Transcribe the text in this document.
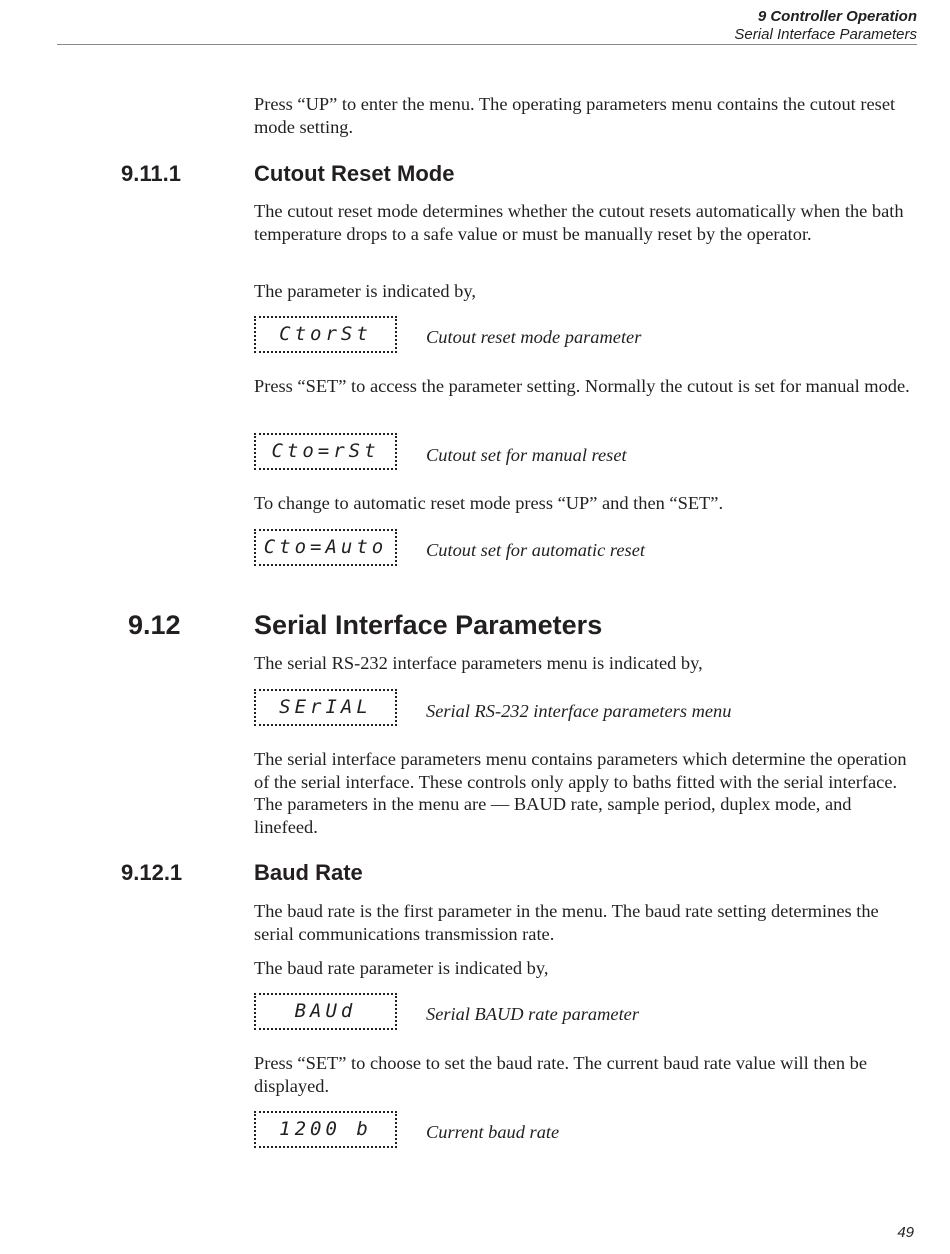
9 Controller Operation
Serial Interface Parameters
Press “UP” to enter the menu. The operating parameters menu contains the cutout reset mode setting.
9.11.1	Cutout Reset Mode
The cutout reset mode determines whether the cutout resets automatically when the bath temperature drops to a safe value or must be manually reset by the operator.
The parameter is indicated by,
CtorSt	Cutout reset mode parameter
Press “SET” to access the parameter setting. Normally the cutout is set for manual mode.
Cto=rSt	Cutout set for manual reset
To change to automatic reset mode press “UP” and then “SET”.
Cto=Auto	Cutout set for automatic reset
9.12	Serial Interface Parameters
The serial RS-232 interface parameters menu is indicated by,
SErIAL	Serial RS-232 interface parameters menu
The serial interface parameters menu contains parameters which determine the operation of the serial interface. These controls only apply to baths fitted with the serial interface. The parameters in the menu are — BAUD rate, sample period, duplex mode, and linefeed.
9.12.1	Baud Rate
The baud rate is the first parameter in the menu. The baud rate setting determines the serial communications transmission rate.
The baud rate parameter is indicated by,
BAUd	Serial BAUD rate parameter
Press “SET” to choose to set the baud rate. The current baud rate value will then be displayed.
1200 b	Current baud rate
49
